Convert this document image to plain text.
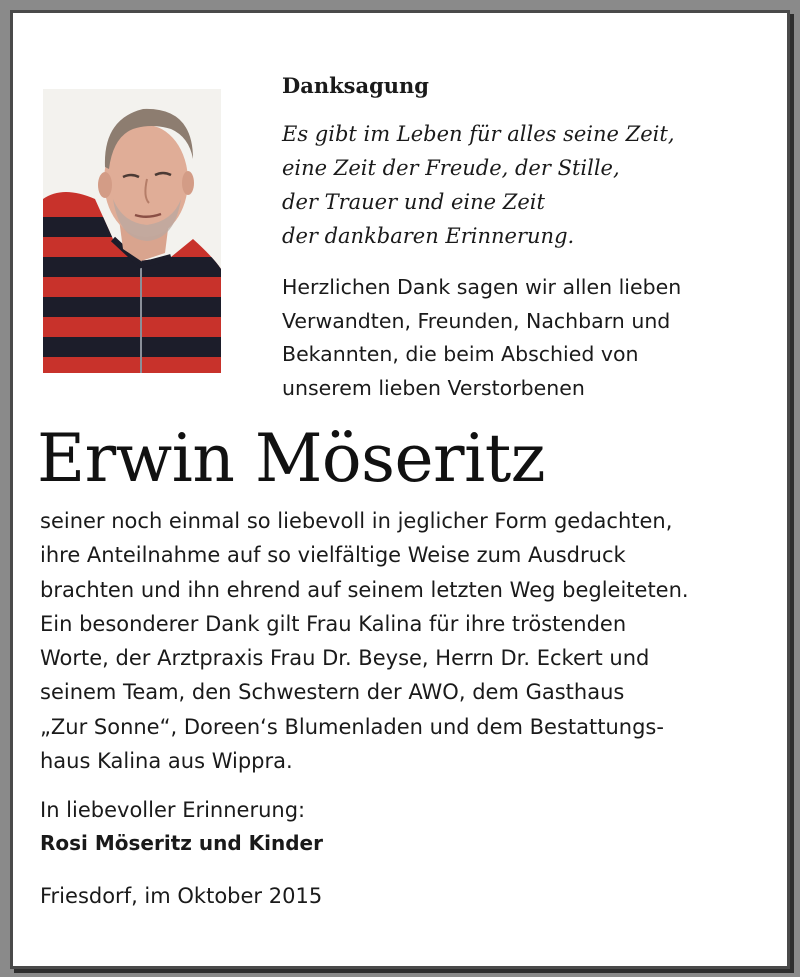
Danksagung
Es gibt im Leben für alles seine Zeit,
eine Zeit der Freude, der Stille,
der Trauer und eine Zeit
der dankbaren Erinnerung.
Herzlichen Dank sagen wir allen lieben
Verwandten, Freunden, Nachbarn und
Bekannten, die beim Abschied von
unserem lieben Verstorbenen
Erwin Möseritz
seiner noch einmal so liebevoll in jeglicher Form gedachten,
ihre Anteilnahme auf so vielfältige Weise zum Ausdruck
brachten und ihn ehrend auf seinem letzten Weg begleiteten.
Ein besonderer Dank gilt Frau Kalina für ihre tröstenden
Worte, der Arztpraxis Frau Dr. Beyse, Herrn Dr. Eckert und
seinem Team, den Schwestern der AWO, dem Gasthaus
„Zur Sonne“, Doreen‘s Blumenladen und dem Bestattungs-
haus Kalina aus Wippra.
In liebevoller Erinnerung:
Rosi Möseritz und Kinder
Friesdorf, im Oktober 2015
